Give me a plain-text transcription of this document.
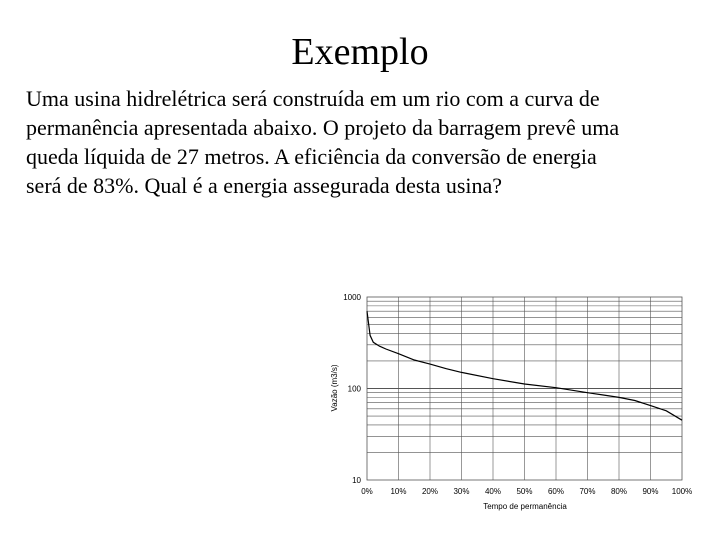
Exemplo
Uma usina hidrelétrica será construída em um rio com a curva de
permanência apresentada abaixo. O projeto da barragem prevê uma
queda líquida de 27 metros. A eficiência da conversão de energia
será de 83%. Qual é a energia assegurada desta usina?
0% 10% 20% 30% 40% 50% 60% 70% 80% 90% 100%
1000
100
10
Vazão (m3/s)
Tempo de permanência
